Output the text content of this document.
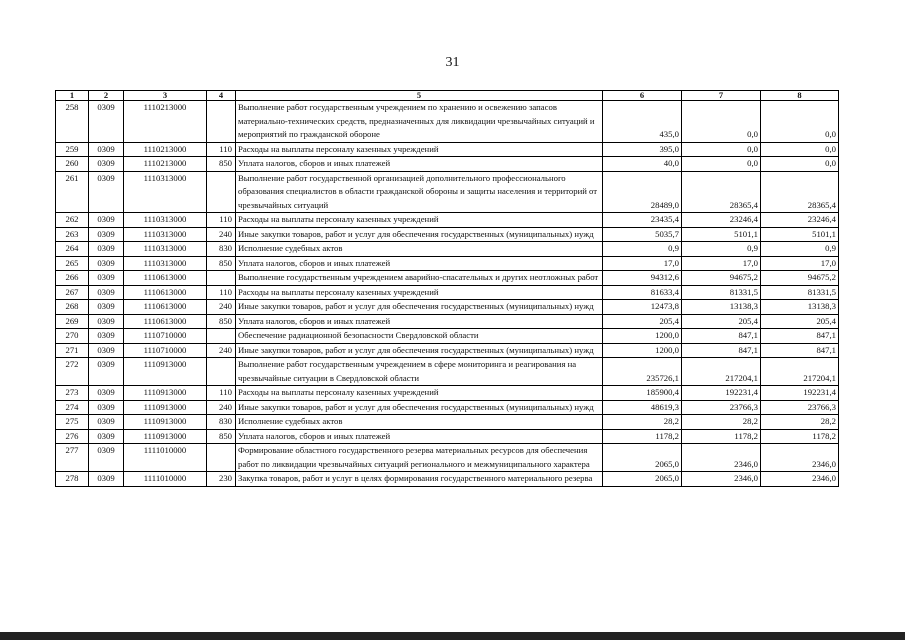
31
1	2	3	4	5	6	7	8
258	0309	1110213000		Выполнение работ государственным учреждением по хранению и освежению запасов материально-технических средств, предназначенных для ликвидации чрезвычайных ситуаций и мероприятий по гражданской обороне	435,0	0,0	0,0
259	0309	1110213000	110	Расходы на выплаты персоналу казенных учреждений	395,0	0,0	0,0
260	0309	1110213000	850	Уплата налогов, сборов и иных платежей	40,0	0,0	0,0
261	0309	1110313000		Выполнение работ государственной организацией дополнительного профессионального образования специалистов в области гражданской обороны и защиты населения и территорий от чрезвычайных ситуаций	28489,0	28365,4	28365,4
262	0309	1110313000	110	Расходы на выплаты персоналу казенных учреждений	23435,4	23246,4	23246,4
263	0309	1110313000	240	Иные закупки товаров, работ и услуг для обеспечения государственных (муниципальных) нужд	5035,7	5101,1	5101,1
264	0309	1110313000	830	Исполнение судебных актов	0,9	0,9	0,9
265	0309	1110313000	850	Уплата налогов, сборов и иных платежей	17,0	17,0	17,0
266	0309	1110613000		Выполнение государственным учреждением аварийно-спасательных и других неотложных работ	94312,6	94675,2	94675,2
267	0309	1110613000	110	Расходы на выплаты персоналу казенных учреждений	81633,4	81331,5	81331,5
268	0309	1110613000	240	Иные закупки товаров, работ и услуг для обеспечения государственных (муниципальных) нужд	12473,8	13138,3	13138,3
269	0309	1110613000	850	Уплата налогов, сборов и иных платежей	205,4	205,4	205,4
270	0309	1110710000		Обеспечение радиационной безопасности Свердловской области	1200,0	847,1	847,1
271	0309	1110710000	240	Иные закупки товаров, работ и услуг для обеспечения государственных (муниципальных) нужд	1200,0	847,1	847,1
272	0309	1110913000		Выполнение работ государственным учреждением в сфере мониторинга и реагирования на чрезвычайные ситуации в Свердловской области	235726,1	217204,1	217204,1
273	0309	1110913000	110	Расходы на выплаты персоналу казенных учреждений	185900,4	192231,4	192231,4
274	0309	1110913000	240	Иные закупки товаров, работ и услуг для обеспечения государственных (муниципальных) нужд	48619,3	23766,3	23766,3
275	0309	1110913000	830	Исполнение судебных актов	28,2	28,2	28,2
276	0309	1110913000	850	Уплата налогов, сборов и иных платежей	1178,2	1178,2	1178,2
277	0309	1111010000		Формирование областного государственного резерва материальных ресурсов для обеспечения работ по ликвидации чрезвычайных ситуаций регионального и межмуниципального характера	2065,0	2346,0	2346,0
278	0309	1111010000	230	Закупка товаров, работ и услуг в целях формирования государственного материального резерва	2065,0	2346,0	2346,0
